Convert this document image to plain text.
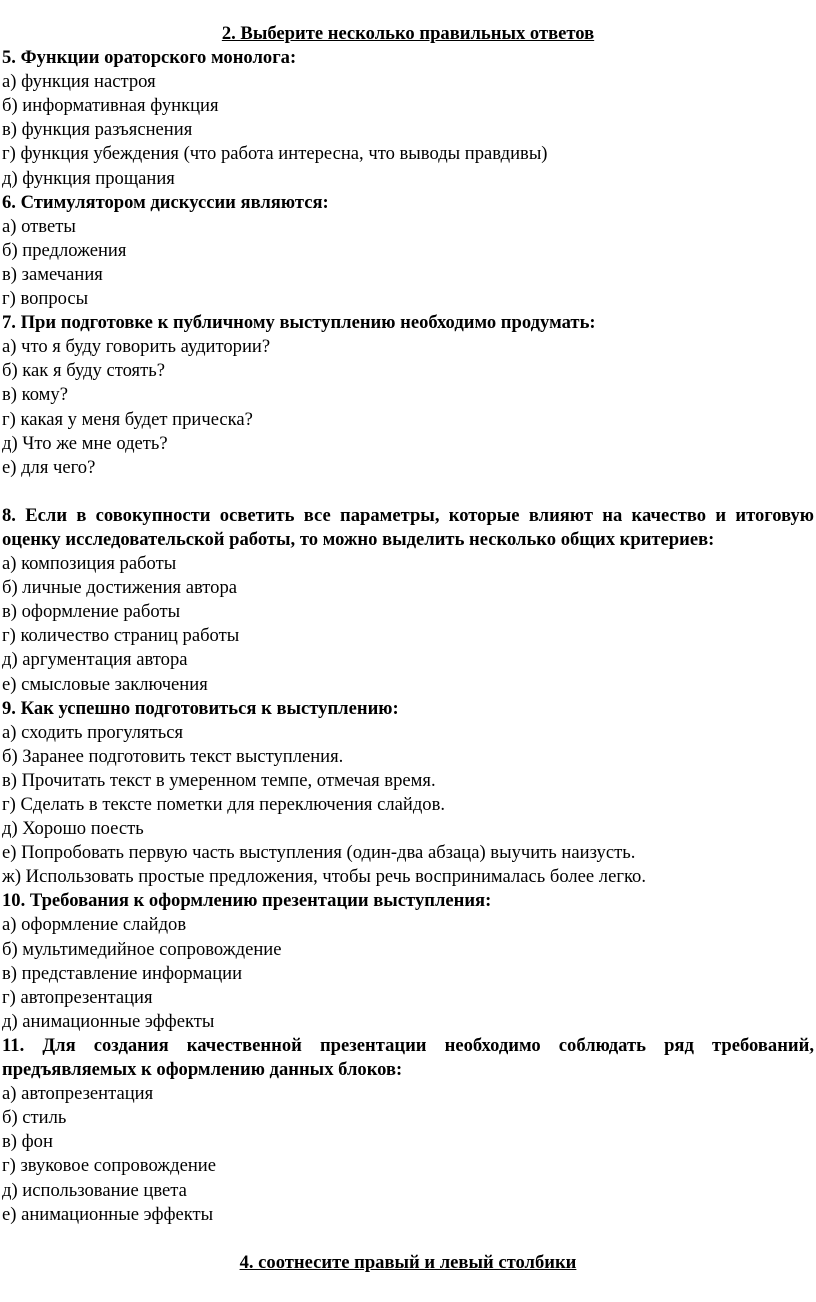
2. Выберите несколько правильных ответов
5. Функции ораторского монолога:
а) функция настроя
б) информативная функция
в) функция разъяснения
г) функция убеждения (что работа интересна, что выводы правдивы)
д) функция прощания
6. Стимулятором дискуссии являются:
а) ответы
б) предложения
в) замечания
г) вопросы
7. При подготовке к публичному выступлению необходимо продумать:
а) что я буду говорить аудитории?
б) как я буду стоять?
в) кому?
г) какая у меня будет прическа?
д) Что же мне одеть?
е) для чего?
8. Если в совокупности осветить все параметры, которые влияют на качество и итоговую оценку исследовательской работы, то можно выделить несколько общих критериев:
а) композиция работы
б) личные достижения автора
в) оформление работы
г) количество страниц работы
д) аргументация автора
е) смысловые заключения
9. Как успешно подготовиться к выступлению:
а) сходить прогуляться
б) Заранее подготовить текст выступления.
в) Прочитать текст в умеренном темпе, отмечая время.
г) Сделать в тексте пометки для переключения слайдов.
д) Хорошо поесть
е) Попробовать первую часть выступления (один-два абзаца) выучить наизусть.
ж) Использовать простые предложения, чтобы речь воспринималась более легко.
10. Требования к оформлению презентации выступления:
а) оформление слайдов
б) мультимедийное сопровождение
в) представление информации
г) автопрезентация
д) анимационные эффекты
11. Для создания качественной презентации необходимо соблюдать ряд требований, предъявляемых к оформлению данных блоков:
а) автопрезентация
б) стиль
в) фон
г) звуковое сопровождение
д) использование цвета
е) анимационные эффекты
4. соотнесите правый и левый столбики
